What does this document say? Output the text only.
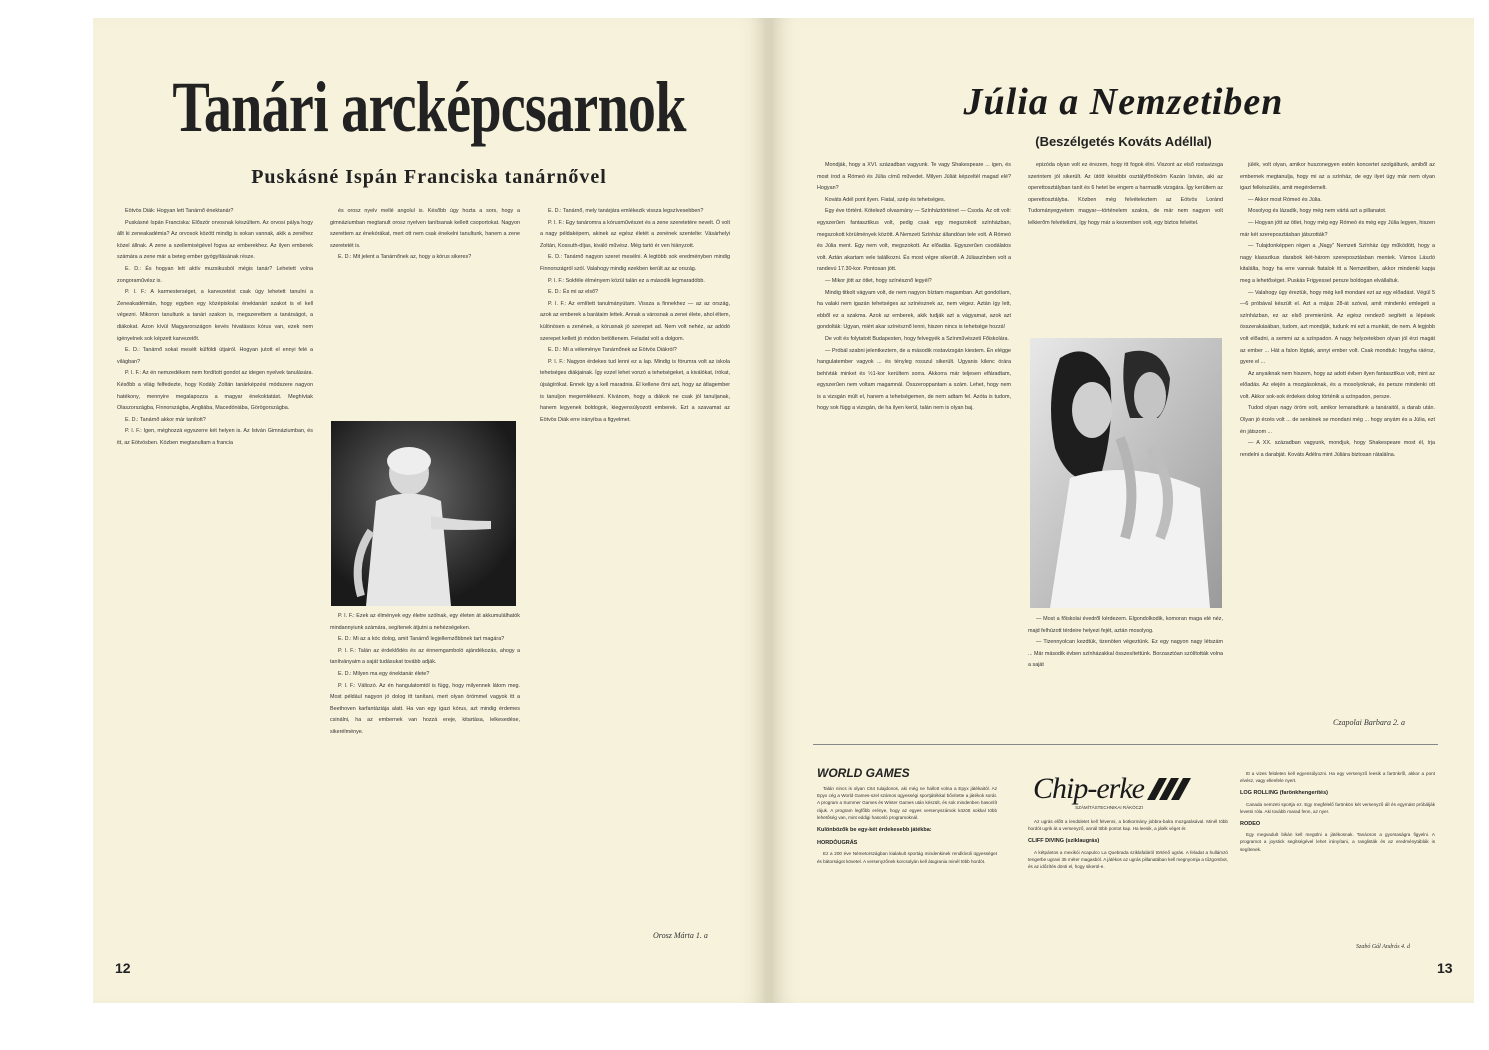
Tanári arcképcsarnok
Puskásné Ispán Franciska tanárnővel

Eötvös Diák: Hogyan lett Tanárnő énektanár?

Puskásné Ispán Franciska: Először orvosnak készültem. Az orvosi pálya hogy állt ki zeneakadémia? Az orvosok között mindig is sokan vannak, akik a zenéhez közel állnak. A zene a szellemiségével fogva az emberekhez. Az ilyen emberek számára a zene már a beteg ember gyógyításának része.

E. D.: És hogyan lett aktív muzsikusból mégis tanár? Lehetett volna zongoraművész is.

P. I. F.: A karmesterséget, a karvezetést csak úgy lehetett tanulni a Zeneakadémián, hogy egyben egy középiskolai énektanári szakot is el kell végezni. Mikoron tanultunk a tanári szakon is, megszerettem a tanárságot, a diákokat. Azon kívül Magyarországon kevés hivatásos kórus van, ezek nem igényelnek sok képzett karvezetőt.

E. D.: Tanárnő sokat mesélt külföldi útjairól. Hogyan jutott el ennyi felé a világban?

P. I. F.: Az én nemzedékem nem fordított gondot az idegen nyelvek tanulására. Később a világ felfedezte, hogy Kodály Zoltán tanárképzési módszere nagyon hatékony, mennyire megalapozza a magyar énekoktatást. Meghívtak Olaszországba, Finnországba, Angliába, Macedóniába, Görögországba.

E. D.: Tanárnő akkor már tanított?

P. I. F.: Igen, méghozzá egyszerre két helyen is. Az István Gimnáziumban, és itt, az Eötvösben. Közben megtanultam a francia

és orosz nyelv mellé angolul is. Később úgy hozta a sors, hogy a gimnáziumban megtanult orosz nyelven tanítsanak kellett csoportokat. Nagyon szerettem az énekórákat, mert ott nem csak énekelni tanultunk, hanem a zene szeretetét is.

E. D.: Mit jelent a Tanárnőnek az, hogy a kórus sikeres?

P. I. F.: Ezek az élmények egy életre szólnak, egy életen át akkumulálhatók mindannyiunk számára, segítenek átjutni a nehézségeken.

E. D.: Mi az a kóc dolog, amit Tanárnő legjellemzőbbnek tart magára?

P. I. F.: Talán az érdeklődés és az énnemgamboló ajándékozás, ahogy a tanítványaim a saját tudásukat tovább adják.

E. D.: Milyen ma egy énektanár élete?

P. I. F.: Változó. Az én hangulatomtól is függ, hogy milyennek látom meg. Most például nagyon jó dolog itt tanítani, mert olyan örömmel vagyok itt a Beethoven karfantáziája alatt. Ha van egy igazi kórus, azt mindig érdemes csinálni, ha az embernek van hozzá ereje, kitartása, lelkesedése, sikerélménye.

E. D.: Tanárnő, mely tanárjára emlékezik vissza legszívesebben?

P. I. F.: Egy tanáromra a kórusművészet és a zene szeretetére nevelt. Ő volt a nagy példaképem, akinek az egész életét a zenének szentelte: Vásárhelyi Zoltán, Kossuth-díjas, kiváló művész. Még tartó ér ven hiányzott.

E. D.: Tanárnő nagyon szeret mesélni. A legtöbb sok eredményben mindig Finnországról szól. Valahogy mindig ezekben került az az ország.

P. I. F.: Sokféle élményem közül talán ez a második legmaradóbb.

E. D.: És mi az első?

P. I. F.: Az említett tanulmányútam. Vissza a finnekhez — az az ország, azok az emberek a barátaim lettek. Annak a városnak a zenei élete, ahol éltem, különösen a zenének, a kórusnak jó szerepet ad. Nem volt nehéz, az adódó szerepet kellett jó módon betöltenem. Feladat volt a dolgom.

E. D.: Mi a véleménye Tanárnőnek az Eötvös Diákról?

P. I. F.: Nagyon érdekes tud lenni ez a lap. Mindig is fórumra volt az iskola tehetséges diákjainak. Így ezzel lehet vonzó a tehetségeket, a kiválókat, írókat, újságírókat. Ennek így a kell maradnia. Él kellene őrni azt, hogy az átlagember is tanuljon megemlékezni. Kívánom, hogy a diákok ne csak jól tanuljanak, hanem legyenek boldogok, kiegyensúlyozott emberek. Ezt a szavamat az Eötvös Diák erre irányítsa a figyelmet.

Orosz Márta 1. a
12
Júlia a Nemzetiben
(Beszélgetés Kováts Adéllal)

Mondják, hogy a XVI. században vagyunk. Te vagy Shakespeare ... igen, és most írod a Rómeó és Júlia című művedet. Milyen Júliát képzeltél magad elé? Hogyan?

Kováts Adél pont ilyen. Fiatal, szép és tehetséges.

Egy éve történt. Kötelező olvasmány — Színháztörténet — Csoda. Az ott volt: egyszerűen fantasztikus volt, pedig csak egy megszokott színházban, megszokott körülmények között. A Nemzeti Színház állandóan tele volt. A Rómeó és Júlia ment. Egy nem volt, megszokott. Az előadás. Egyszerűen csodálatos volt. Aztán akartam vele találkozni. És most végre sikerült. A Júliaszínben volt a randevú 17.30-kor. Pontosan jött.

— Mikor jött az ötlet, hogy színésznő legyél?

Mindig titkolt vágyam volt, de nem nagyon bíztam magamban. Azt gondoltam, ha valaki nem igazán tehetséges az színésznek az, nem végez. Aztán így lett, ebből ez a szakma. Azok az emberek, akik tudják azt a vágyamat, azok azt gondolták: Ugyan, miért akar színésznő lenni, hiszen nincs is tehetsége hozzá!

De volt és folytatott Budapesten, hogy felvegyék a Színművészeti Főiskolára.

— Próbál szabni jelentkeztem, de a második rostavizsgán kiestem. Én elégge hangulatember vagyok ... és tényleg rosszul sikerült. Ugyanis kilenc órára behívták minket és ½1-kor kerültem sorra. Akkorra már teljesen elfáradtam, egyszerűen nem voltam magamnál. Összeroppantam a szám. Lehet, hogy nem is a vizsgán múlt el, hanem a tehetségemen, de nem adtam fel. Azóta is tudom, hogy sok függ a vizsgán, de ha ilyen kerül, talán nem is olyan baj.

epizóda olyan volt ez érezem, hogy itt fogok élni. Viszont az első rostavizsga szerintem jól sikerült. Az ütött késébbi osztályfőnököm Kazán István, aki az operettosztályban tanít és 6 hetet be engem a harmadik vizsgára. Így kerültem az operettosztályba. Közben még felvételeztem az Eötvös Loránd Tudományegyetem magyar—történelem szakra, de már nem nagyon volt lelkierőm felvételizni, így hogy már a kezemben volt, egy biztos felvétel.

— Most a főiskolai évedről kérdezem. Elgondolkodik, komoran maga elé néz, majd felhúzott térdeire helyezi fejét, aztán mosolyog.

— Tizennyolcan kezdtük, tizenöten végeztünk. Ez egy nagyon nagy létszám ... Már második évben színházakkal összesítettünk. Borzasztóan szólították volna a saját

júlék, volt olyan, amikor huszonegyen estén koncertet szolgáltunk, amiből az embernek megtanulja, hogy mi az a színház, de egy ilyet úgy már nem olyan igazi felkészülés, amit megérdemelt.

— Akkor most Rómeó és Júlia.

Mosolyog és lázadik, hogy még nem vártá azt a pillanatot.

— Hogyan jött az ötlet, hogy még egy Rómeó és még egy Júlia legyen, hiszen már két szereposztásban játszották?

— Tulajdonképpen régen a „Nagy” Nemzeti Színház úgy működött, hogy a nagy klasszikus darabok két-három szereposztásban mentek. Vámos László kitalálta, hogy ha erre vannak fiatalok itt a Nemzetiben, akkor mindenki kapja meg a lehetőséget. Puskás Frigyessel persze boldogan elvállaltuk.

— Valahogy úgy éreztük, hogy még kell mondani ezt az egy előadást. Végül 5—6 próbával készült el. Azt a május 28-át szóval, amit mindenki emlegeti a színházban, ez az első premierünk. Az egész rendező segített a lépések összerakásában, tudom, azt mondják, tudunk mi ezt a munkát, de nem. A legjobb volt előadni, a semmi az a színpadon. A nagy helyzetekben olyan jól érzi magát az ember ... Hát a falon lógtak, annyi ember volt. Csak mondtuk: hogyha ráérsz, gyere el ...

Az anyaiknak nem hiszem, hogy az adott évben ilyen fantasztikus volt, mint az előadás. Az elején a mozgásoknak, és a mosolyoknak, és persze mindenki ott volt. Akkor sok-sok érdekes dolog történik a színpadon, persze.

Tudod olyan nagy öröm volt, amikor lemaradtunk a tanáraitól, a darab után. Olyan jó érzés volt ... de senkinek se mondani még ... hogy anyám és a Júlia, ezt én játszom ...

— A XX. században vagyunk, mondjuk, hogy Shakespeare most él, írja rendelni a darabját. Kováts Adélra mint Júliára biztosan rátalálna.

Czapolai Barbara 2. a
WORLD GAMES

Talán nincs is olyan C64 tulajdonos, aki még ne hallott volna a Epyx játékaitól. Az Epyx cég a World Games-szel számos ügyességi sportjátékkal bővítette a játékok sorát. A program a Summer Games és Winter Games után készült, és sok mindenben hasonlít rájuk. A program legfőbb erénye, hogy az egyes versenyszámok között sokkal több lehetőség van, mint eddigi hasonló programoknál.

Kulönbözők be egy-két érdekesebb játékba:
HORDÓUGRÁS

Ez a 200 éve Németországban kialakult sportág mindenkinek rendkívüli ügyességet és bátorságot követel. A versenyzőnek korcsolyán kell átugrania minél több hordót.

Chip-erke
SZÁMÍTÁSTECHNIKAI RÁKÓCZI

Az ugrás előtt a lendületet kell felvenni, a botkormány jobbra-balra mozgatásával. Minél több hordót ugrik át a versenyző, annál több pontot kap. Ha leesik, a játék véget ér.

CLIFF DIVING (sziklaugrás)

A kétpántos a mexikói Acapulco La Quebrada sziklafaláról történő ugrás. A feladat a hullámzó tengerbe ugrani 35 méter magasból. A játékos az ugrás pillanatában kell megnyomja a tűzgombot, és az időzítés dönti el, hogy sikerül-e.

Itt a vizes felületen kell egyensúlyozni. Ha egy versenyző leesik a farönkről, akkor a pont elvész, vagy ellenfele nyert.

LOG ROLLING (farönkhengerítés)

Canada nemzeti sportja ez. Egy megfelelő farönkön két versenyző áll és egymást próbálják levetni róla. Aki tovább marad fenn, az nyer.

RODEO

Egy megvadult bikán kell megülni a játékosnak. Tanácsos a gyorsaságra figyelni. A programot a joystick segítségével lehet irányítani, a ranglisták és az eredménytáblák is segítenek.

Szabó Gál András 4. d
13
